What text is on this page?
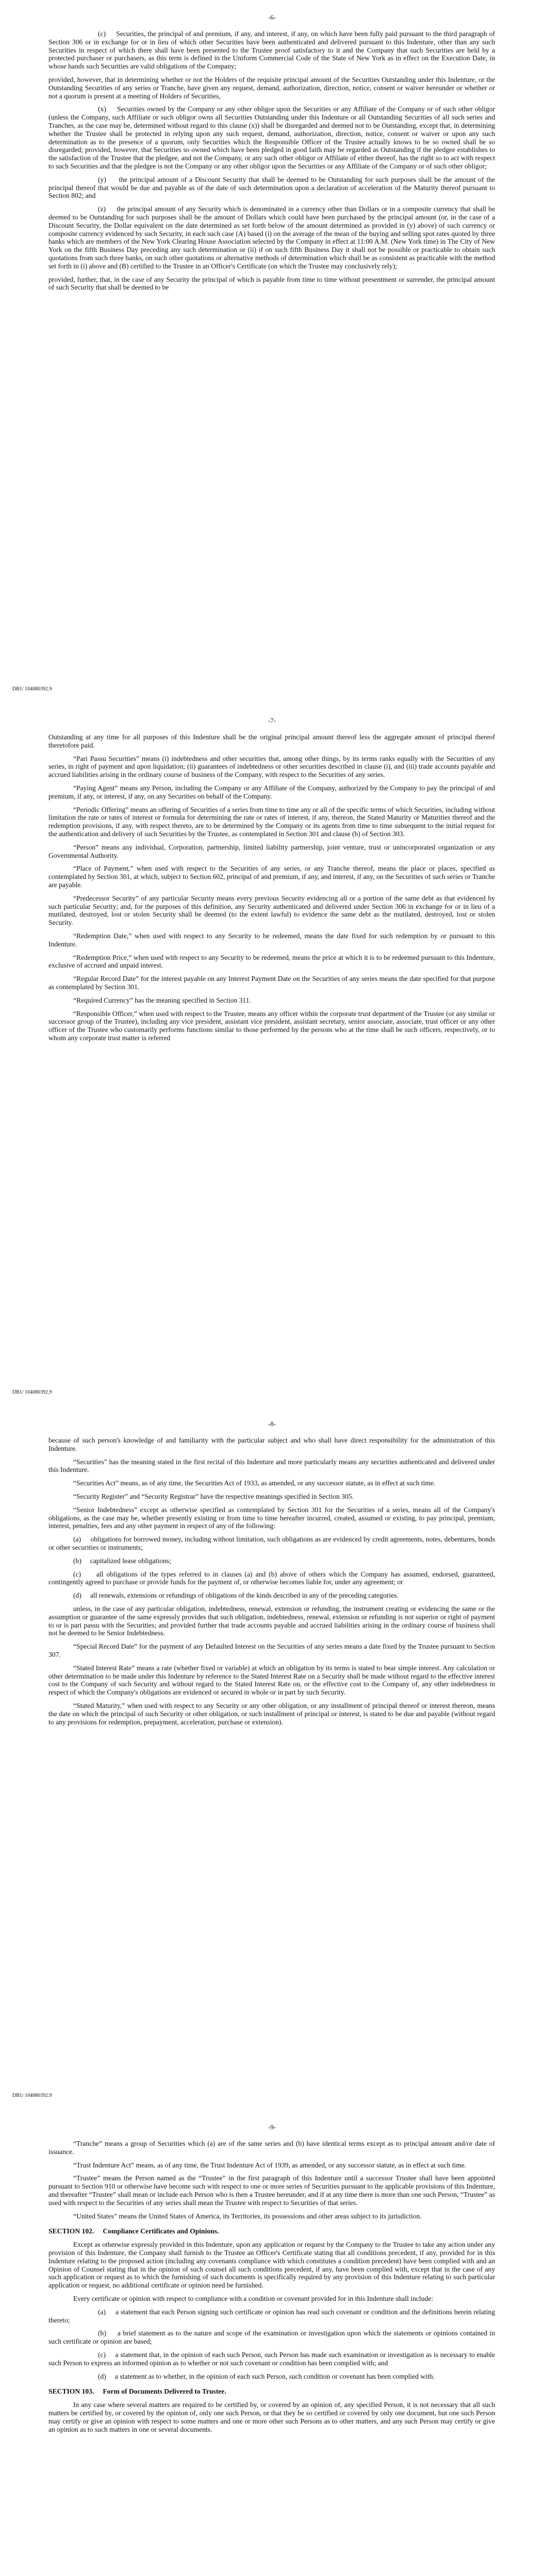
-6-

(c)     Securities, the principal of and premium, if any, and interest, if any, on which have been fully paid pursuant to the third paragraph of Section 306 or in exchange for or in lieu of which other Securities have been authenticated and delivered pursuant to this Indenture, other than any such Securities in respect of which there shall have been presented to the Trustee proof satisfactory to it and the Company that such Securities are held by a protected purchaser or purchasers, as this term is defined in the Uniform Commercial Code of the State of New York as in effect on the Execution Date, in whose hands such Securities are valid obligations of the Company;

provided, however, that in determining whether or not the Holders of the requisite principal amount of the Securities Outstanding under this Indenture, or the Outstanding Securities of any series or Tranche, have given any request, demand, authorization, direction, notice, consent or waiver hereunder or whether or not a quorum is present at a meeting of Holders of Securities,

(x)     Securities owned by the Company or any other obligor upon the Securities or any Affiliate of the Company or of such other obligor (unless the Company, such Affiliate or such obligor owns all Securities Outstanding under this Indenture or all Outstanding Securities of all such series and Tranches, as the case may be, determined without regard to this clause (x)) shall be disregarded and deemed not to be Outstanding, except that, in determining whether the Trustee shall be protected in relying upon any such request, demand, authorization, direction, notice, consent or waiver or upon any such determination as to the presence of a quorum, only Securities which the Responsible Officer of the Trustee actually knows to be so owned shall be so disregarded; provided, however, that Securities so owned which have been pledged in good faith may be regarded as Outstanding if the pledgee establishes to the satisfaction of the Trustee that the pledgee, and not the Company, or any such other obligor or Affiliate of either thereof, has the right so to act with respect to such Securities and that the pledgee is not the Company or any other obligor upon the Securities or any Affiliate of the Company or of such other obligor;

(y)     the principal amount of a Discount Security that shall be deemed to be Outstanding for such purposes shall be the amount of the principal thereof that would be due and payable as of the date of such determination upon a declaration of acceleration of the Maturity thereof pursuant to Section 802; and

(z)     the principal amount of any Security which is denominated in a currency other than Dollars or in a composite currency that shall be deemed to be Outstanding for such purposes shall be the amount of Dollars which could have been purchased by the principal amount (or, in the case of a Discount Security, the Dollar equivalent on the date determined as set forth below of the amount determined as provided in (y) above) of such currency or composite currency evidenced by such Security, in each such case (A) based (i) on the average of the mean of the buying and selling spot rates quoted by three banks which are members of the New York Clearing House Association selected by the Company in effect at 11:00 A.M. (New York time) in The City of New York on the fifth Business Day preceding any such determination or (ii) if on such fifth Business Day it shall not be possible or practicable to obtain such quotations from such three banks, on such other quotations or alternative methods of determination which shall be as consistent as practicable with the method set forth in (i) above and (B) certified to the Trustee in an Officer's Certificate (on which the Trustee may conclusively rely);

provided, further, that, in the case of any Security the principal of which is payable from time to time without presentment or surrender, the principal amount of such Security that shall be deemed to be

DB1/ 104080392.9
-7-

Outstanding at any time for all purposes of this Indenture shall be the original principal amount thereof less the aggregate amount of principal thereof theretofore paid.

“Pari Passu Securities” means (i) indebtedness and other securities that, among other things, by its terms ranks equally with the Securities of any series, in right of payment and upon liquidation; (ii) guarantees of indebtedness or other securities described in clause (i), and (iii) trade accounts payable and accrued liabilities arising in the ordinary course of business of the Company, with respect to the Securities of any series.

“Paying Agent” means any Person, including the Company or any Affiliate of the Company, authorized by the Company to pay the principal of and premium, if any, or interest, if any, on any Securities on behalf of the Company.

“Periodic Offering” means an offering of Securities of a series from time to time any or all of the specific terms of which Securities, including without limitation the rate or rates of interest or formula for determining the rate or rates of interest, if any, thereon, the Stated Maturity or Maturities thereof and the redemption provisions, if any, with respect thereto, are to be determined by the Company or its agents from time to time subsequent to the initial request for the authentication and delivery of such Securities by the Trustee, as contemplated in Section 301 and clause (b) of Section 303.

“Person” means any individual, Corporation, partnership, limited liability partnership, joint venture, trust or unincorporated organization or any Governmental Authority.

“Place of Payment,” when used with respect to the Securities of any series, or any Tranche thereof, means the place or places, specified as contemplated by Section 301, at which, subject to Section 602, principal of and premium, if any, and interest, if any, on the Securities of such series or Tranche are payable.

“Predecessor Security” of any particular Security means every previous Security evidencing all or a portion of the same debt as that evidenced by such particular Security; and, for the purposes of this definition, any Security authenticated and delivered under Section 306 in exchange for or in lieu of a mutilated, destroyed, lost or stolen Security shall be deemed (to the extent lawful) to evidence the same debt as the mutilated, destroyed, lost or stolen Security.

“Redemption Date,” when used with respect to any Security to be redeemed, means the date fixed for such redemption by or pursuant to this Indenture.

“Redemption Price,” when used with respect to any Security to be redeemed, means the price at which it is to be redeemed pursuant to this Indenture, exclusive of accrued and unpaid interest.

“Regular Record Date” for the interest payable on any Interest Payment Date on the Securities of any series means the date specified for that purpose as contemplated by Section 301.

“Required Currency” has the meaning specified in Section 311.

“Responsible Officer,” when used with respect to the Trustee, means any officer within the corporate trust department of the Trustee (or any similar or successor group of the Trustee), including any vice president, assistant vice president, assistant secretary, senior associate, associate, trust officer or any other officer of the Trustee who customarily performs functions similar to those performed by the persons who at the time shall be such officers, respectively, or to whom any corporate trust matter is referred

DB1/ 104080392.9
-8-

because of such person's knowledge of and familiarity with the particular subject and who shall have direct responsibility for the administration of this Indenture.

“Securities” has the meaning stated in the first recital of this Indenture and more particularly means any securities authenticated and delivered under this Indenture.

“Securities Act” means, as of any time, the Securities Act of 1933, as amended, or any successor statute, as in effect at such time.

“Security Register” and “Security Registrar” have the respective meanings specified in Section 305.

“Senior Indebtedness” except as otherwise specified as contemplated by Section 301 for the Securities of a series, means all of the Company's obligations, as the case may be, whether presently existing or from time to time hereafter incurred, created, assumed or existing, to pay principal, premium, interest, penalties, fees and any other payment in respect of any of the following:

(a)     obligations for borrowed money, including without limitation, such obligations as are evidenced by credit agreements, notes, debentures, bonds or other securities or instruments;

(b)     capitalized lease obligations;

(c)     all obligations of the types referred to in clauses (a) and (b) above of others which the Company has assumed, endorsed, guaranteed, contingently agreed to purchase or provide funds for the payment of, or otherwise becomes liable for, under any agreement; or

(d)     all renewals, extensions or refundings of obligations of the kinds described in any of the preceding categories.

unless, in the case of any particular obligation, indebtedness, renewal, extension or refunding, the instrument creating or evidencing the same or the assumption or guarantee of the same expressly provides that such obligation, indebtedness, renewal, extension or refunding is not superior or right of payment to or is pari passu with the Securities; and provided further that trade accounts payable and accrued liabilities arising in the ordinary course of business shall not be deemed to be Senior Indebtedness.

“Special Record Date” for the payment of any Defaulted Interest on the Securities of any series means a date fixed by the Trustee pursuant to Section 307.

“Stated Interest Rate” means a rate (whether fixed or variable) at which an obligation by its terms is stated to bear simple interest. Any calculation or other determination to be made under this Indenture by reference to the Stated Interest Rate on a Security shall be made without regard to the effective interest cost to the Company of such Security and without regard to the Stated Interest Rate on, or the effective cost to the Company of, any other indebtedness in respect of which the Company's obligations are evidenced or secured in whole or in part by such Security.

“Stated Maturity,” when used with respect to any Security or any other obligation, or any installment of principal thereof or interest thereon, means the date on which the principal of such Security or other obligation, or such installment of principal or interest, is stated to be due and payable (without regard to any provisions for redemption, prepayment, acceleration, purchase or extension).

DB1/ 104080392.9
-9-

“Tranche” means a group of Securities which (a) are of the same series and (b) have identical terms except as to principal amount and/or date of issuance.

“Trust Indenture Act” means, as of any time, the Trust Indenture Act of 1939, as amended, or any successor statute, as in effect at such time.

“Trustee” means the Person named as the “Trustee” in the first paragraph of this Indenture until a successor Trustee shall have been appointed pursuant to Section 910 or otherwise have become such with respect to one or more series of Securities pursuant to the applicable provisions of this Indenture, and thereafter “Trustee” shall mean or include each Person who is then a Trustee hereunder, and if at any time there is more than one such Person, “Trustee” as used with respect to the Securities of any series shall mean the Trustee with respect to Securities of that series.

“United States” means the United States of America, its Territories, its possessions and other areas subject to its jurisdiction.

SECTION 102.     Compliance Certificates and Opinions.

Except as otherwise expressly provided in this Indenture, upon any application or request by the Company to the Trustee to take any action under any provision of this Indenture, the Company shall furnish to the Trustee an Officer's Certificate stating that all conditions precedent, if any, provided for in this Indenture relating to the proposed action (including any covenants compliance with which constitutes a condition precedent) have been complied with and an Opinion of Counsel stating that in the opinion of such counsel all such conditions precedent, if any, have been complied with, except that in the case of any such application or request as to which the furnishing of such documents is specifically required by any provision of this Indenture relating to such particular application or request, no additional certificate or opinion need be furnished.

Every certificate or opinion with respect to compliance with a condition or covenant provided for in this Indenture shall include:

(a)     a statement that each Person signing such certificate or opinion has read such covenant or condition and the definitions herein relating thereto;

(b)     a brief statement as to the nature and scope of the examination or investigation upon which the statements or opinions contained in such certificate or opinion are based;

(c)     a statement that, in the opinion of each such Person, such Person has made such examination or investigation as is necessary to enable such Person to express an informed opinion as to whether or not such covenant or condition has been complied with; and

(d)     a statement as to whether, in the opinion of each such Person, such condition or covenant has been complied with.

SECTION 103.     Form of Documents Delivered to Trustee.

In any case where several matters are required to be certified by, or covered by an opinion of, any specified Person, it is not necessary that all such matters be certified by, or covered by the opinion of, only one such Person, or that they be so certified or covered by only one document, but one such Person may certify or give an opinion with respect to some matters and one or more other such Persons as to other matters, and any such Person may certify or give an opinion as to such matters in one or several documents.
